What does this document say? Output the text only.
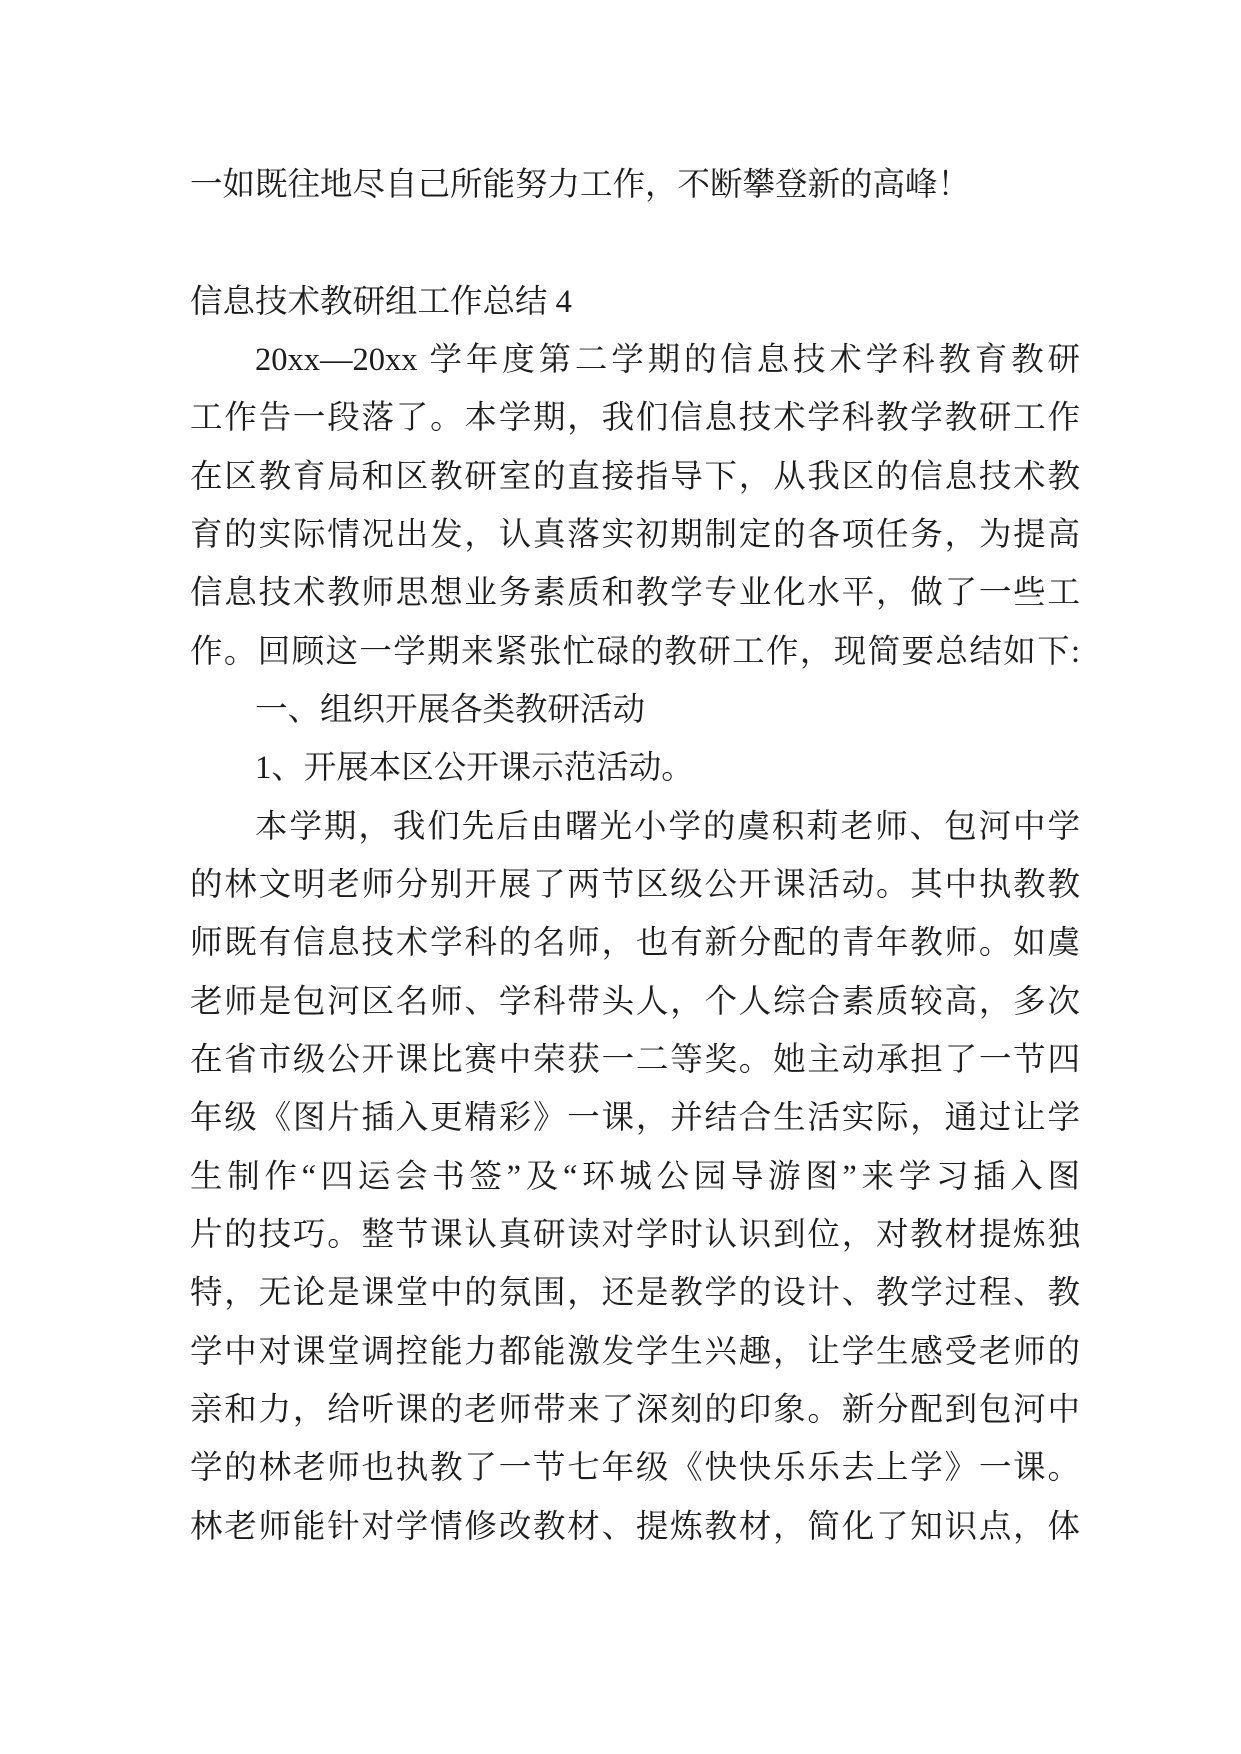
一如既往地尽自己所能努力工作，不断攀登新的高峰！
信息技术教研组工作总结 4
20xx—20xx 学年度第二学期的信息技术学科教育教研
工作告一段落了。本学期，我们信息技术学科教学教研工作
在区教育局和区教研室的直接指导下，从我区的信息技术教
育的实际情况出发，认真落实初期制定的各项任务，为提高
信息技术教师思想业务素质和教学专业化水平，做了一些工
作。回顾这一学期来紧张忙碌的教研工作，现简要总结如下:
一、组织开展各类教研活动
1、开展本区公开课示范活动。
本学期，我们先后由曙光小学的虞积莉老师、包河中学
的林文明老师分别开展了两节区级公开课活动。其中执教教
师既有信息技术学科的名师，也有新分配的青年教师。如虞
老师是包河区名师、学科带头人，个人综合素质较高，多次
在省市级公开课比赛中荣获一二等奖。她主动承担了一节四
年级《图片插入更精彩》一课，并结合生活实际，通过让学
生制作“四运会书签”及“环城公园导游图”来学习插入图
片的技巧。整节课认真研读对学时认识到位，对教材提炼独
特，无论是课堂中的氛围，还是教学的设计、教学过程、教
学中对课堂调控能力都能激发学生兴趣，让学生感受老师的
亲和力，给听课的老师带来了深刻的印象。新分配到包河中
学的林老师也执教了一节七年级《快快乐乐去上学》一课。
林老师能针对学情修改教材、提炼教材，简化了知识点，体
